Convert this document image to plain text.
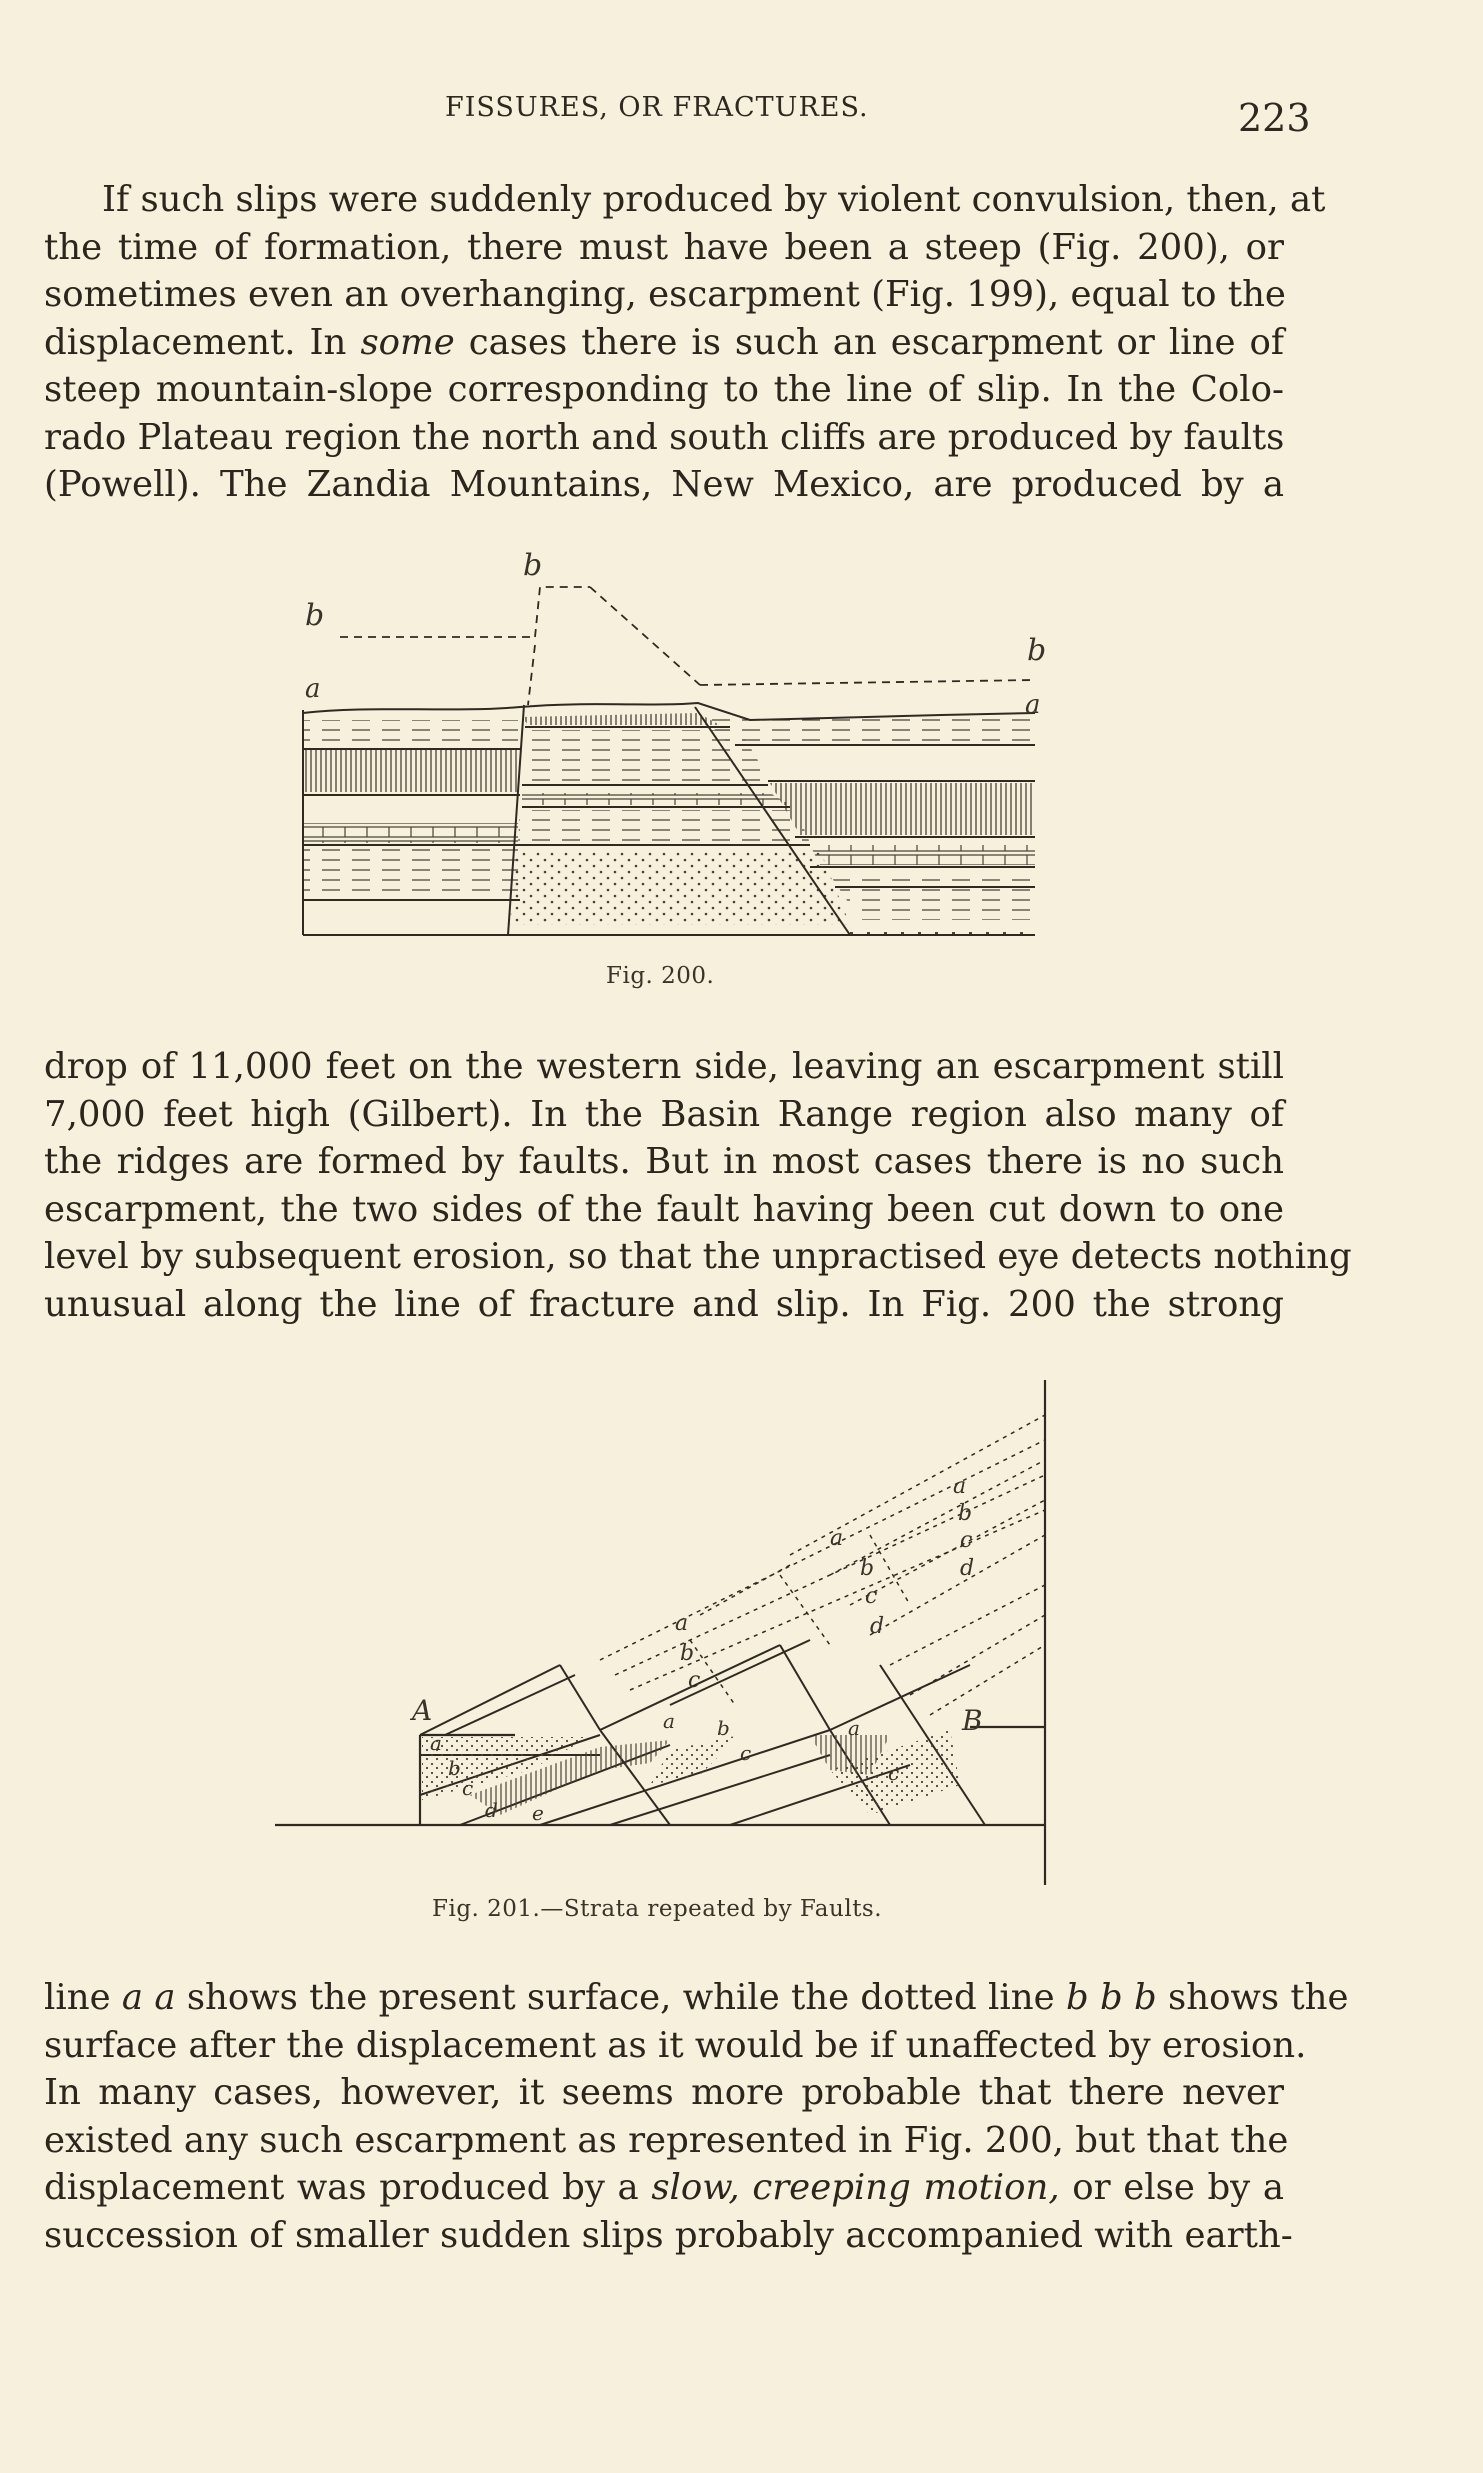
FISSURES, OR FRACTURES.	223
If such slips were suddenly produced by violent convulsion, then, at
the time of formation, there must have been a steep (Fig. 200), or
sometimes even an overhanging, escarpment (Fig. 199), equal to the
displacement. In some cases there is such an escarpment or line of
steep mountain-slope corresponding to the line of slip. In the Colo-
rado Plateau region the north and south cliffs are produced by faults
(Powell). The Zandia Mountains, New Mexico, are produced by a
b
b
b
a
a
Fig. 200.
drop of 11,000 feet on the western side, leaving an escarpment still
7,000 feet high (Gilbert). In the Basin Range region also many of
the ridges are formed by faults. But in most cases there is no such
escarpment, the two sides of the fault having been cut down to one
level by subsequent erosion, so that the unpractised eye detects nothing
unusual along the line of fracture and slip. In Fig. 200 the strong
A	B
a
b
c
d
a
b
c
d
a
b
c
a
b
c
d e
a b
c
a
c
Fig. 201.—Strata repeated by Faults.
line a a shows the present surface, while the dotted line b b b shows the
surface after the displacement as it would be if unaffected by erosion.
In many cases, however, it seems more probable that there never
existed any such escarpment as represented in Fig. 200, but that the
displacement was produced by a slow, creeping motion, or else by a
succession of smaller sudden slips probably accompanied with earth-
